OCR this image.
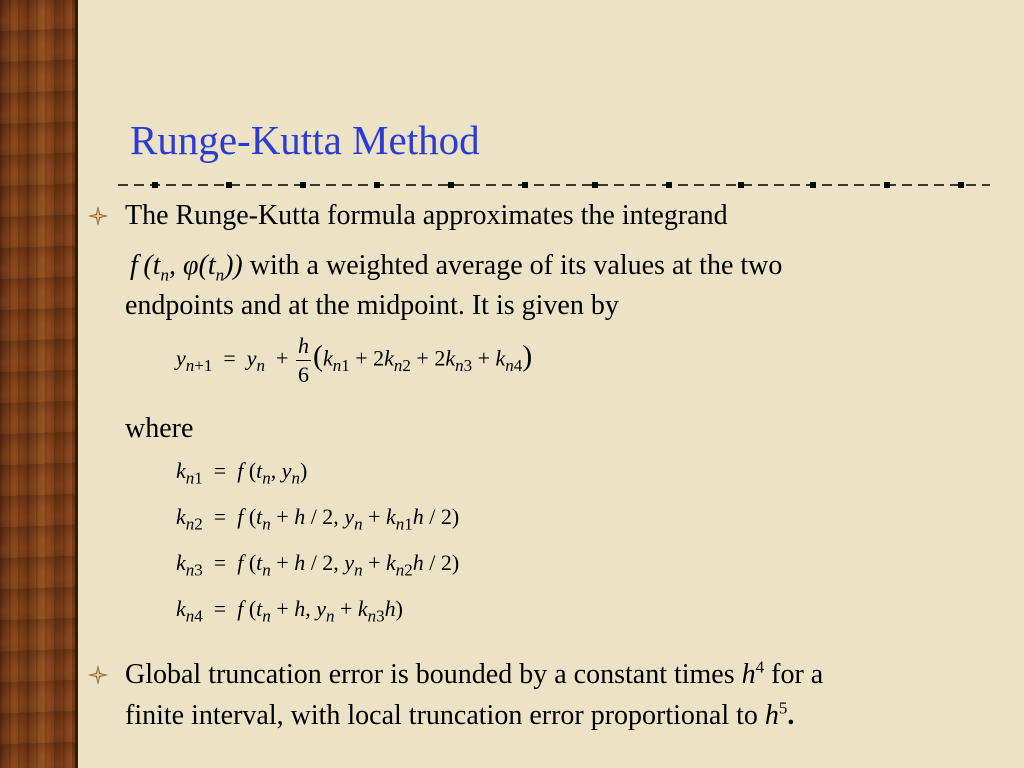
Runge-Kutta Method
The Runge-Kutta formula approximates the integrand
f ($t_n$, $\varphi(t_n)$) with a weighted average of its values at the two
endpoints and at the midpoint. It is given by
$y_{n+1} = y_n + \frac{h}{6} (k_{n1} + 2k_{n2} + 2k_{n3} + k_{n4})$
where
$k_{n1} = f$ ($t_n$, $y_n$)
$k_{n2} = f$ ($t_n + h / 2$, $y_n + k_{n1}h / 2$)
$k_{n3} = f$ ($t_n + h / 2$, $y_n + k_{n2}h / 2$)
$k_{n4} = f$ ($t_n + h$, $y_n + k_{n3}h$)
Global truncation error is bounded by a constant times $h^4$ for a
finite interval, with local truncation error proportional to $h^5$.
